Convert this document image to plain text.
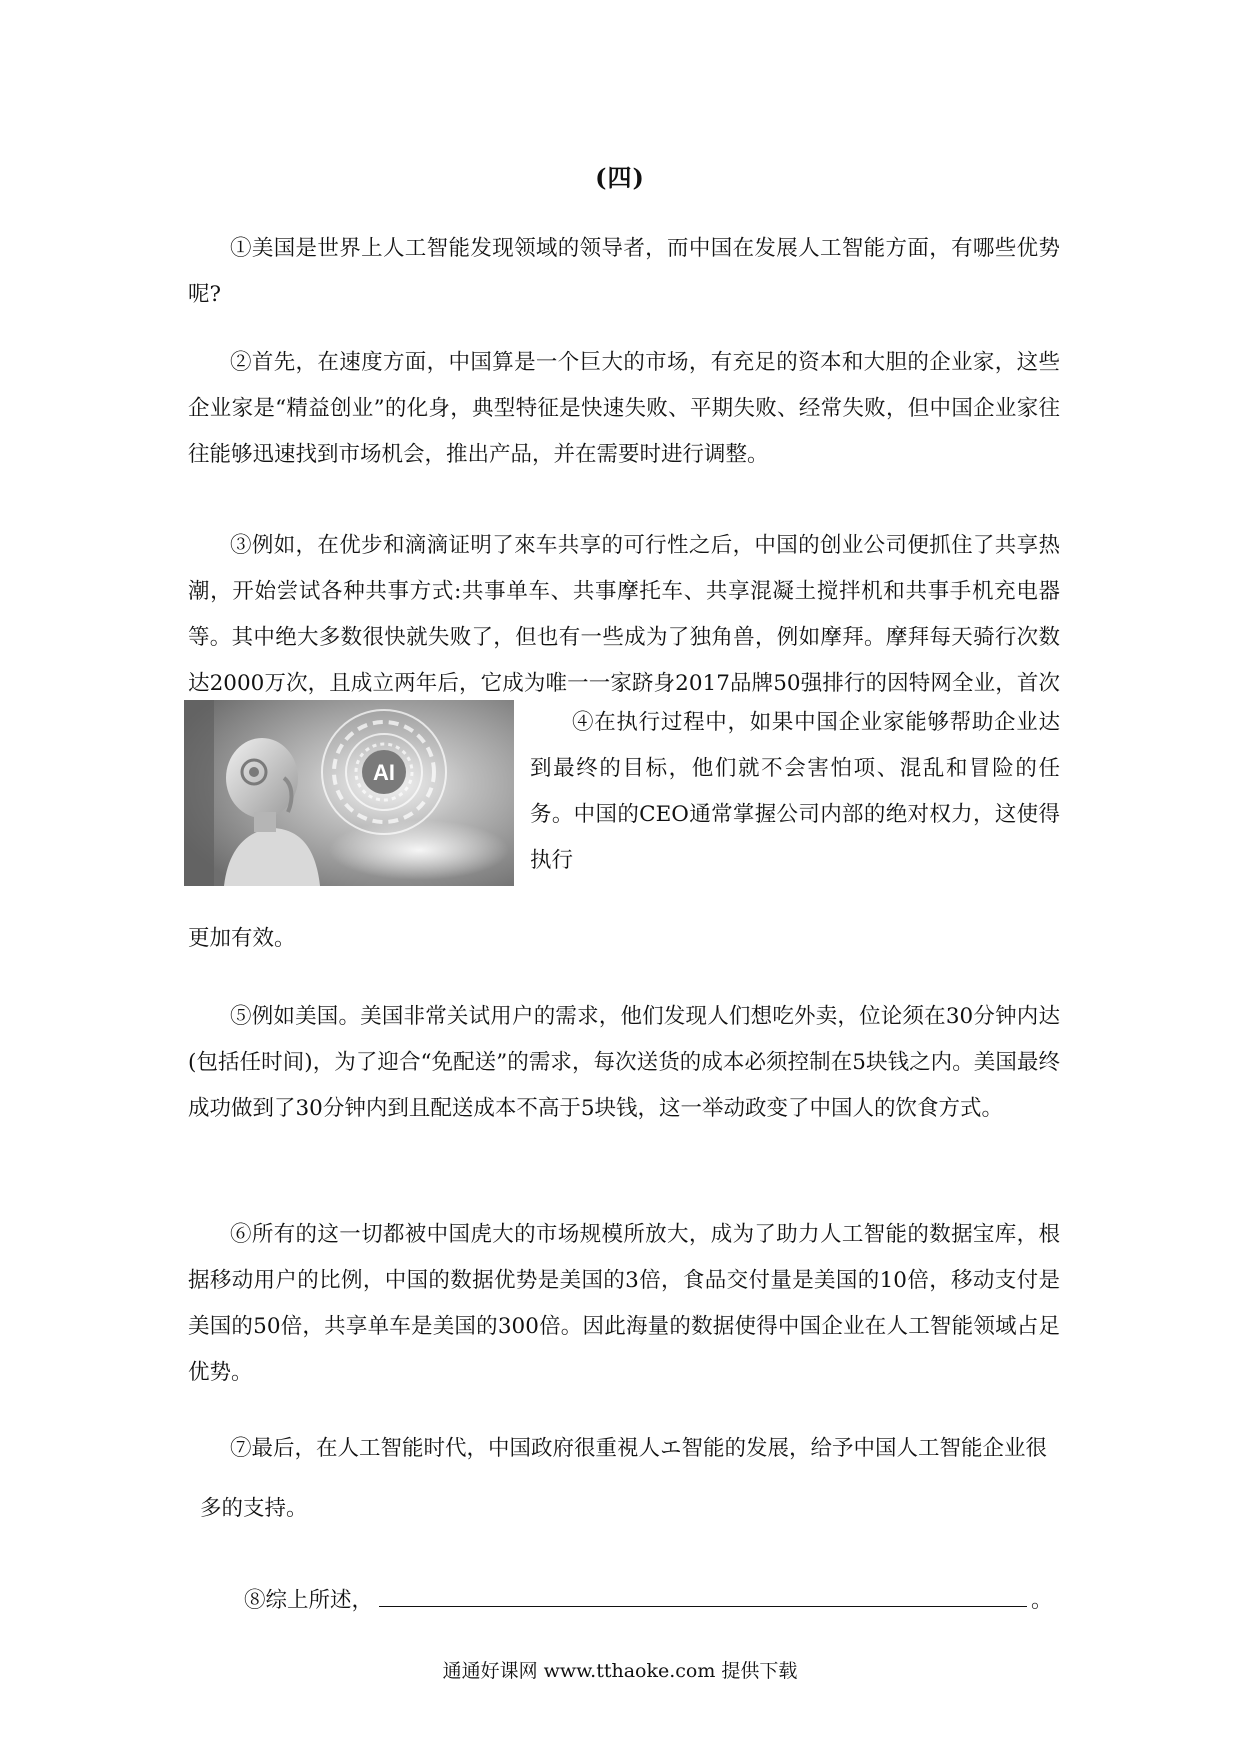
(四)

①美国是世界上人工智能发现领域的领导者，而中国在发展人工智能方面，有哪些优势呢?

②首先，在速度方面，中国算是一个巨大的市场，有充足的资本和大胆的企业家，这些企业家是“精益创业”的化身，典型特征是快速失败、平期失败、经常失败，但中国企业家往往能够迅速找到市场机会，推出产品，并在需要时进行调整。

③例如，在优步和滴滴证明了來车共享的可行性之后，中国的创业公司便抓住了共享热潮，开始尝试各种共事方式:共事单车、共事摩托车、共享混凝土搅拌机和共事手机充电器等。其中绝大多数很快就失败了，但也有一些成为了独角兽，例如摩拜。摩拜每天骑行次数达2000万次，且成立两年后，它成为唯一一家跻身2017品牌50强排行的因特网全业，首次

AI

④在执行过程中，如果中国企业家能够帮助企业达到最终的目标，他们就不会害怕项、混乱和冒险的任务。中国的CEO通常掌握公司内部的绝对权力，这使得执行

更加有效。

⑤例如美国。美国非常关试用户的需求，他们发现人们想吃外卖，位论须在30分钟内达(包括任时间)，为了迎合“免配送”的需求，每次送货的成本必须控制在5块钱之内。美国最终成功做到了30分钟内到且配送成本不高于5块钱，这一举动政变了中国人的饮食方式。

⑥所有的这一切都被中国虎大的市场规模所放大，成为了助力人工智能的数据宝库，根据移动用户的比例，中国的数据优势是美国的3倍，食品交付量是美国的10倍，移动支付是美国的50倍，共享单车是美国的300倍。因此海量的数据使得中国企业在人工智能领域占足优势。

⑦最后，在人工智能时代，中国政府很重視人エ智能的发展，给予中国人工智能企业很

多的支持。

⑧综上所述，	。
通通好课网 www.tthaoke.com 提供下载
